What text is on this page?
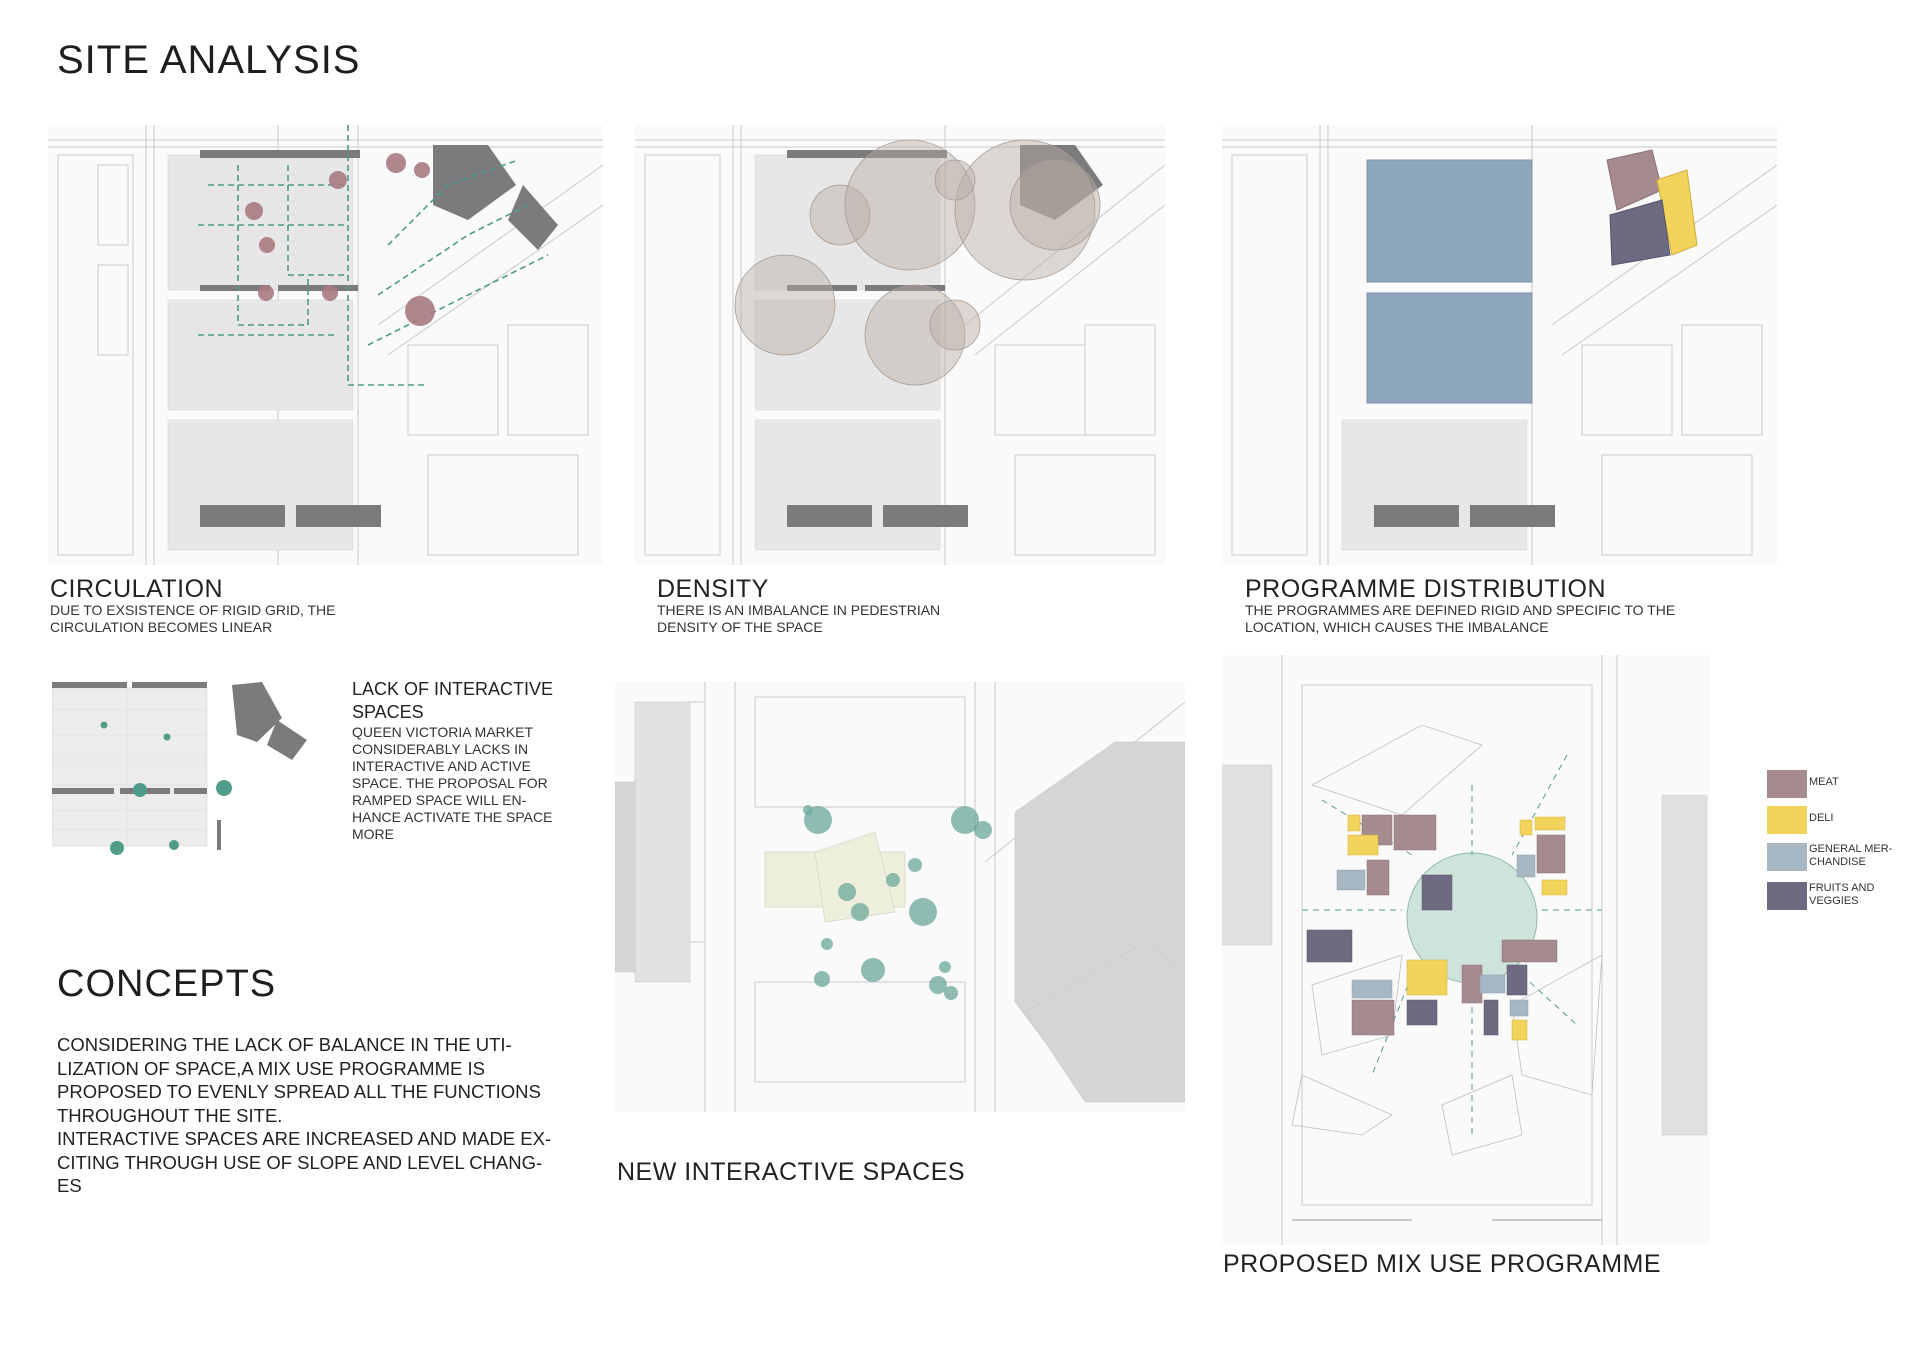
SITE ANALYSIS
CIRCULATION
DUE TO EXSISTENCE OF RIGID GRID, THE
CIRCULATION BECOMES LINEAR
DENSITY
THERE IS AN IMBALANCE IN PEDESTRIAN
DENSITY OF THE SPACE
PROGRAMME DISTRIBUTION
THE PROGRAMMES ARE DEFINED RIGID AND SPECIFIC TO THE
LOCATION, WHICH CAUSES THE IMBALANCE
LACK OF INTERACTIVE
SPACES
QUEEN VICTORIA MARKET
CONSIDERABLY LACKS IN
INTERACTIVE AND ACTIVE
SPACE. THE PROPOSAL FOR
RAMPED SPACE WILL EN-
HANCE ACTIVATE THE SPACE
MORE
CONCEPTS
CONSIDERING THE LACK OF BALANCE IN THE UTI-
LIZATION OF SPACE,A MIX USE PROGRAMME IS
PROPOSED TO EVENLY SPREAD ALL THE FUNCTIONS
THROUGHOUT THE SITE.
INTERACTIVE SPACES ARE INCREASED AND MADE EX-
CITING THROUGH USE OF SLOPE AND LEVEL CHANG-
ES	NEW INTERACTIVE SPACES
PROPOSED MIX USE PROGRAMME
MEAT
DELI
GENERAL MER-
CHANDISE
FRUITS AND
VEGGIES
